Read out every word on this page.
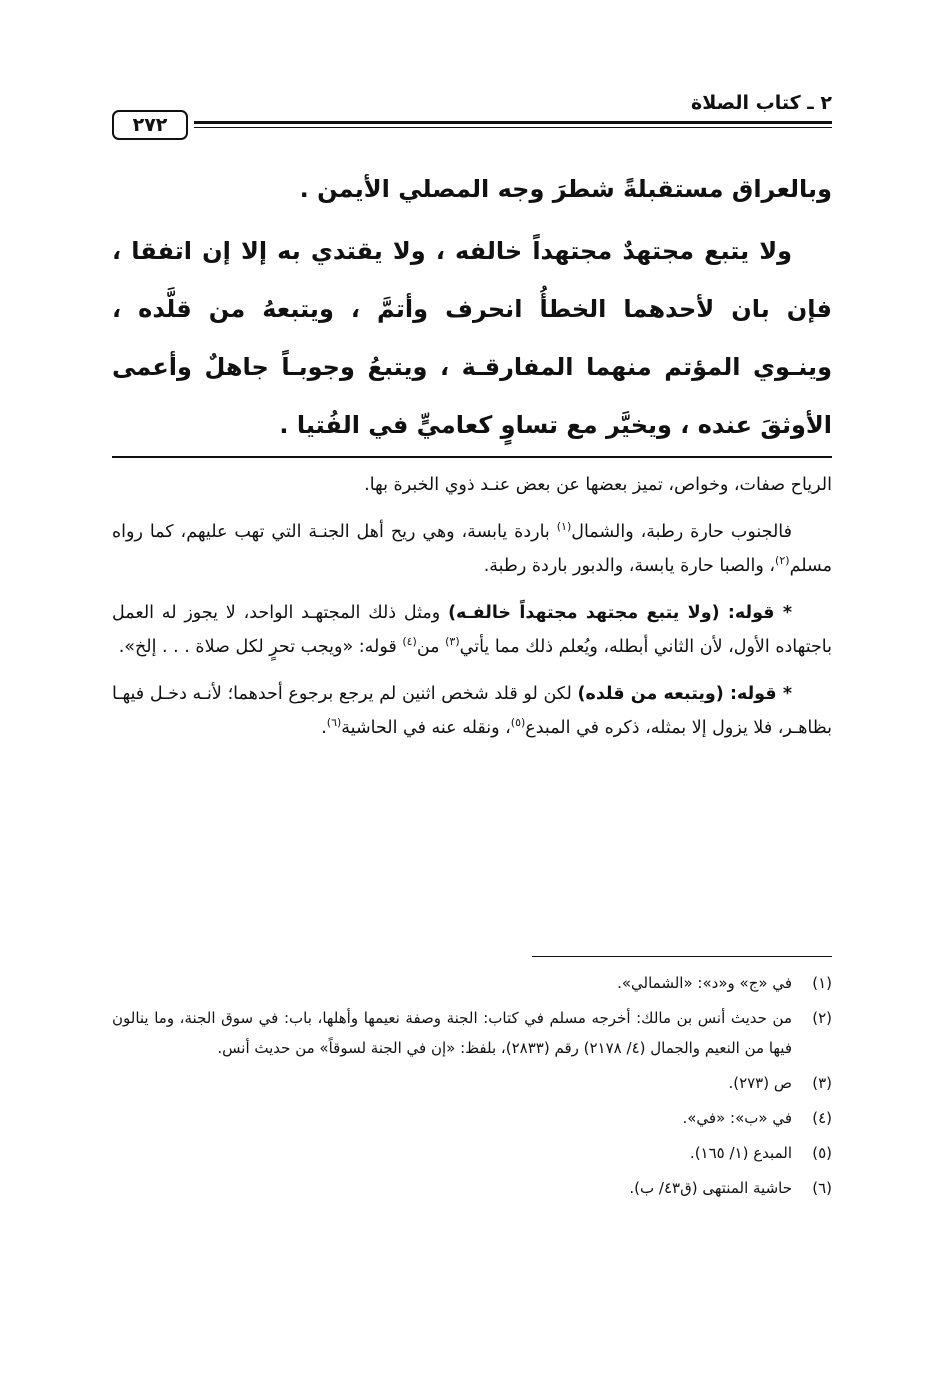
٢٧٢
٢ ـ كتاب الصلاة

وبالعراق مستقبلةً شطرَ وجه المصلي الأيمن .

ولا يتبع مجتهدٌ مجتهداً خالفه ، ولا يقتدي به إلا إن اتفقا ، فإن بان لأحدهما الخطأُ انحرف وأتمَّ ، ويتبعهُ من قلَّده ، وينـوي المؤتم منهما المفارقـة ، ويتبعُ وجوبـاً جاهلٌ وأعمى الأوثقَ عنده ، ويخيَّر مع تساوٍ كعاميٍّ في الفُتيا .

الرياح صفات، وخواص، تميز بعضها عن بعض عنـد ذوي الخبرة بها.

فالجنوب حارة رطبة، والشمال$^{(١)}$ باردة يابسة، وهي ريح أهل الجنـة التي تهب عليهم، كما رواه مسلم$^{(٢)}$، والصبا حارة يابسة، والدبور باردة رطبة.

* قوله: (ولا يتبع مجتهد مجتهداً خالفـه) ومثل ذلك المجتهـد الواحد، لا يجوز له العمل باجتهاده الأول، لأن الثاني أبطله، ويُعلم ذلك مما يأتي$^{(٣)}$ من$^{(٤)}$ قوله: «ويجب تحرٍ لكل صلاة . . . إلخ».

* قوله: (ويتبعه من قلده) لكن لو قلد شخص اثنين لم يرجع برجوع أحدهما؛ لأنـه دخـل فيهـا بظاهـر، فلا يزول إلا بمثله، ذكره في المبدع$^{(٥)}$، ونقله عنه في الحاشية$^{(٦)}$.

(١)
في «ج» و«د»: «الشمالي».
(٢)
من حديث أنس بن مالك: أخرجه مسلم في كتاب: الجنة وصفة نعيمها وأهلها، باب: في سوق الجنة، وما ينالون فيها من النعيم والجمال (٤/ ٢١٧٨) رقم (٢٨٣٣)، بلفظ: «إن في الجنة لسوقاً» من حديث أنس.
(٣)
ص (٢٧٣).
(٤)
في «ب»: «في».
(٥)
المبدع (١/ ١٦٥).
(٦)
حاشية المنتهى (ق٤٣/ ب).
